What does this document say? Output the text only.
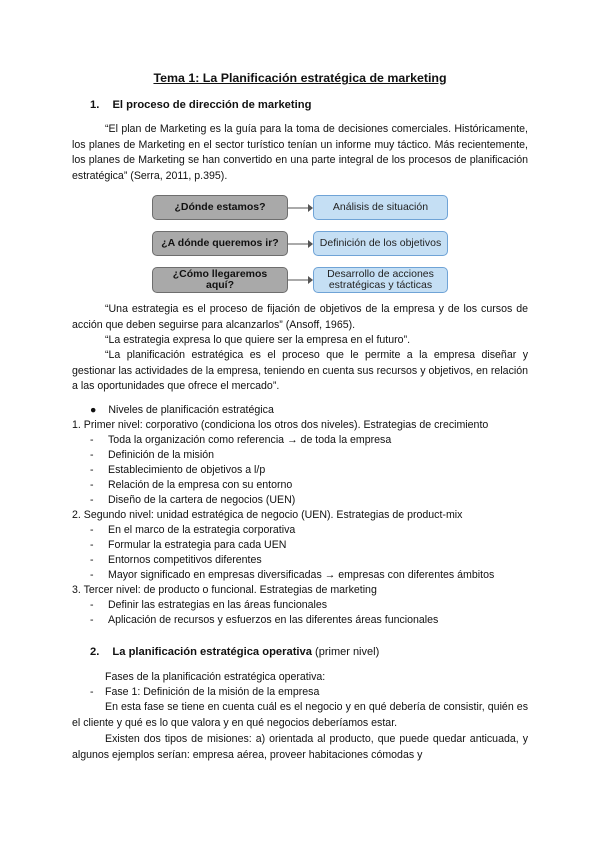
Tema 1: La Planificación estratégica de marketing
1. El proceso de dirección de marketing

“El plan de Marketing es la guía para la toma de decisiones comerciales. Históricamente, los planes de Marketing en el sector turístico tenían un informe muy táctico. Más recientemente, los planes de Marketing se han convertido en una parte integral de los procesos de planificación estratégica” (Serra, 2011, p.395).

¿Dónde estamos?	Análisis de situación
¿A dónde queremos ir?	Definición de los objetivos
¿Cómo llegaremos aquí?
Desarrollo de acciones estratégicas y tácticas

“Una estrategia es el proceso de fijación de objetivos de la empresa y de los cursos de acción que deben seguirse para alcanzarlos” (Ansoff, 1965).

“La estrategia expresa lo que quiere ser la empresa en el futuro”.

“La planificación estratégica es el proceso que le permite a la empresa diseñar y gestionar las actividades de la empresa, teniendo en cuenta sus recursos y objetivos, en relación a las oportunidades que ofrece el mercado”.

● Niveles de planificación estratégica
1. Primer nivel: corporativo (condiciona los otros dos niveles). Estrategias de crecimiento
- Toda la organización como referencia → de toda la empresa
- Definición de la misión
- Establecimiento de objetivos a l/p
- Relación de la empresa con su entorno
- Diseño de la cartera de negocios (UEN)
2. Segundo nivel: unidad estratégica de negocio (UEN). Estrategias de product-mix
- En el marco de la estrategia corporativa
- Formular la estrategia para cada UEN
- Entornos competitivos diferentes
- Mayor significado en empresas diversificadas → empresas con diferentes ámbitos
3. Tercer nivel: de producto o funcional. Estrategias de marketing
- Definir las estrategias en las áreas funcionales
- Aplicación de recursos y esfuerzos en las diferentes áreas funcionales
2. La planificación estratégica operativa (primer nivel)
Fases de la planificación estratégica operativa:
- Fase 1: Definición de la misión de la empresa

En esta fase se tiene en cuenta cuál es el negocio y en qué debería de consistir, quién es el cliente y qué es lo que valora y en qué negocios deberíamos estar.

Existen dos tipos de misiones: a) orientada al producto, que puede quedar anticuada, y algunos ejemplos serían: empresa aérea, proveer habitaciones cómodas y
